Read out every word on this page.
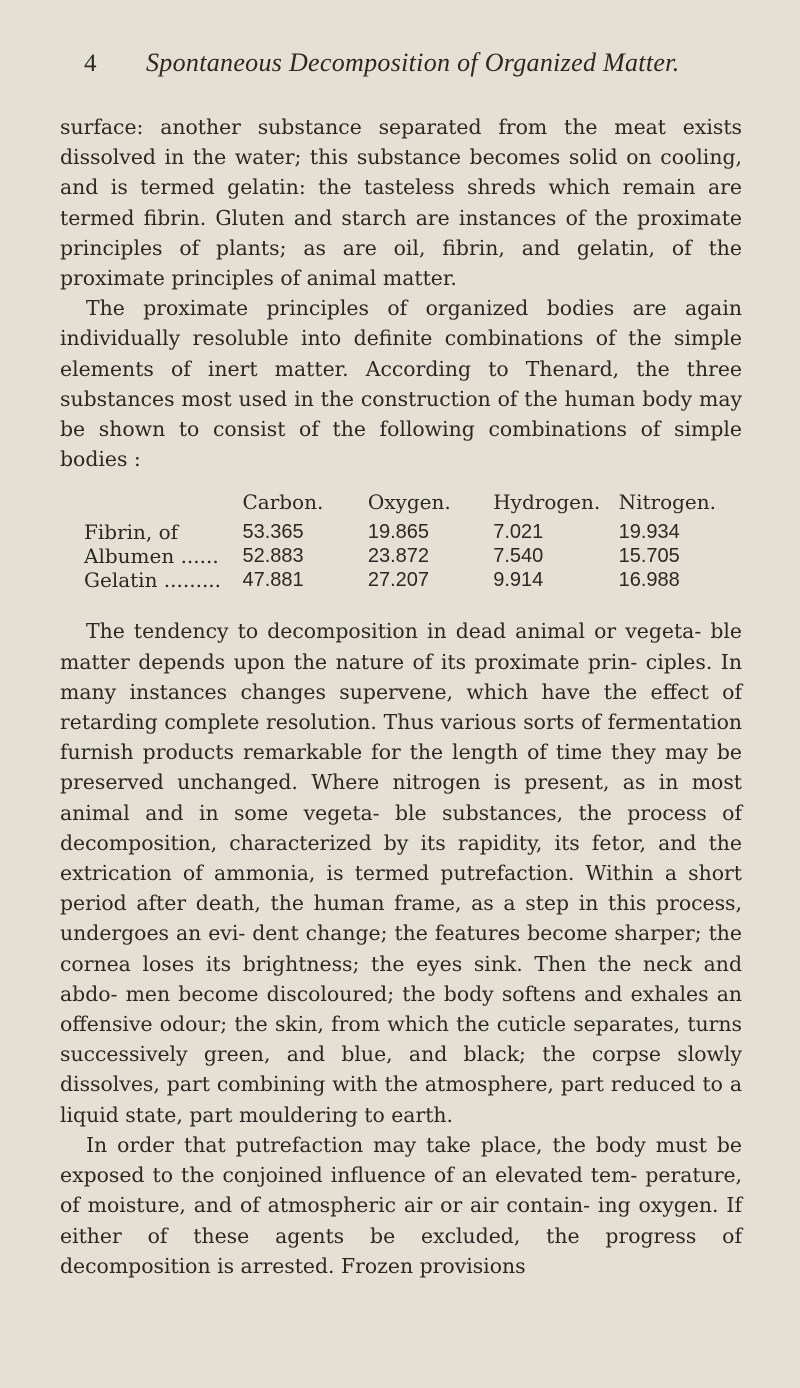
4	Spontaneous Decomposition of Organized Matter.

surface: another substance separated from the meat exists dissolved in the water; this substance becomes solid on cooling, and is termed gelatin: the tasteless shreds which remain are termed fibrin. Gluten and starch are instances of the proximate principles of plants; as are oil, fibrin, and gelatin, of the proximate principles of animal matter.

The proximate principles of organized bodies are again individually resoluble into definite combinations of the simple elements of inert matter. According to Thenard, the three substances most used in the construction of the human body may be shown to consist of the following combinations of simple bodies :

	Carbon.	Oxygen.	Hydrogen.	Nitrogen.
Fibrin, of	53.365	19.865	7.021	19.934
Albumen ......	52.883	23.872	7.540	15.705
Gelatin .........	47.881	27.207	9.914	16.988

The tendency to decomposition in dead animal or vegeta- ble matter depends upon the nature of its proximate prin- ciples. In many instances changes supervene, which have the effect of retarding complete resolution. Thus various sorts of fermentation furnish products remarkable for the length of time they may be preserved unchanged. Where nitrogen is present, as in most animal and in some vegeta- ble substances, the process of decomposition, characterized by its rapidity, its fetor, and the extrication of ammonia, is termed putrefaction. Within a short period after death, the human frame, as a step in this process, undergoes an evi- dent change; the features become sharper; the cornea loses its brightness; the eyes sink. Then the neck and abdo- men become discoloured; the body softens and exhales an offensive odour; the skin, from which the cuticle separates, turns successively green, and blue, and black; the corpse slowly dissolves, part combining with the atmosphere, part reduced to a liquid state, part mouldering to earth.

In order that putrefaction may take place, the body must be exposed to the conjoined influence of an elevated tem- perature, of moisture, and of atmospheric air or air contain- ing oxygen. If either of these agents be excluded, the progress of decomposition is arrested. Frozen provisions
